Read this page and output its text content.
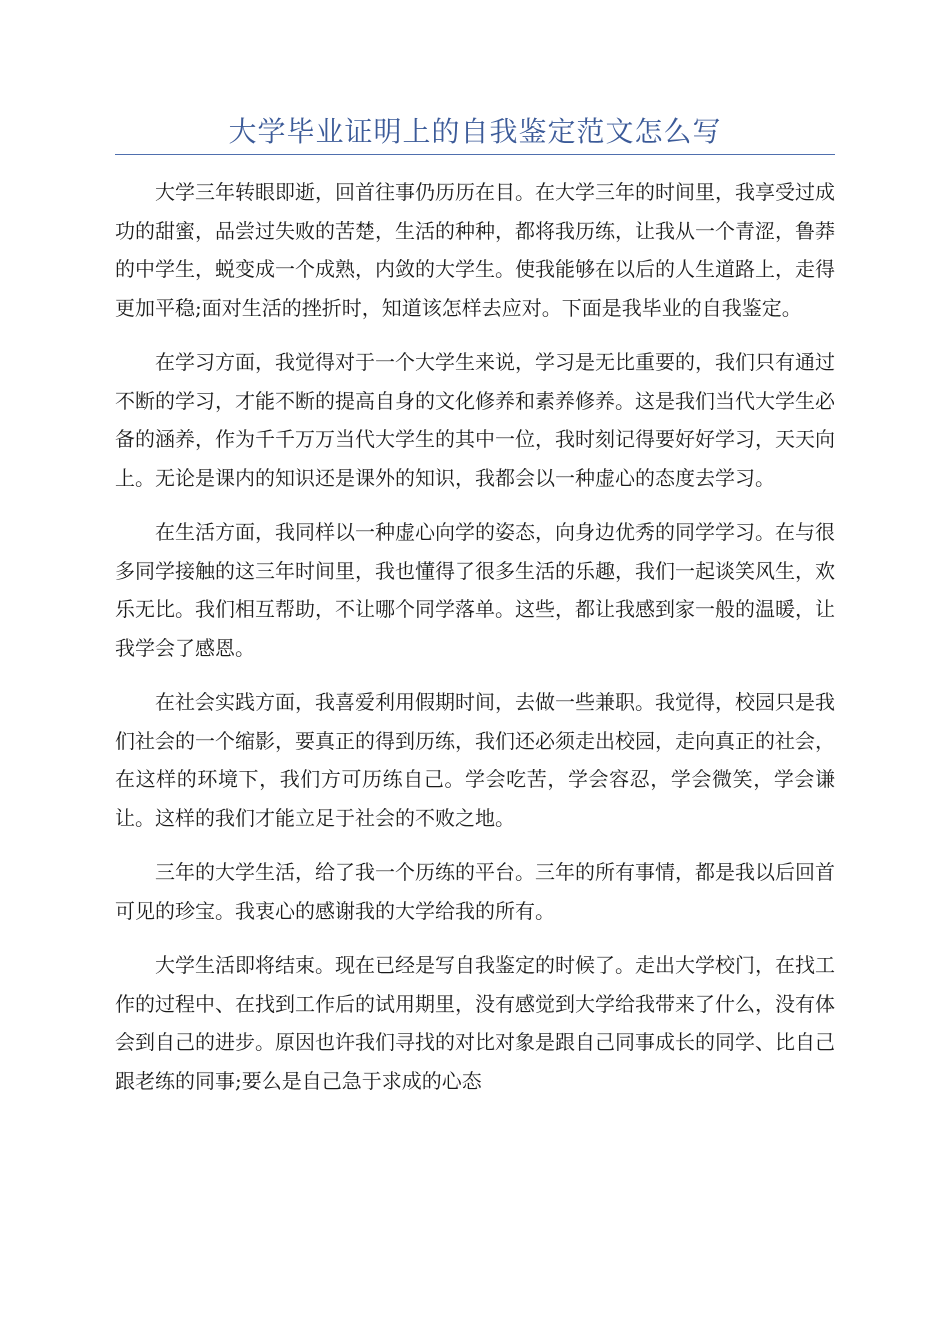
大学毕业证明上的自我鉴定范文怎么写

大学三年转眼即逝，回首往事仍历历在目。在大学三年的时间里，我享受过成功的甜蜜，品尝过失败的苦楚，生活的种种，都将我历练，让我从一个青涩，鲁莽的中学生，蜕变成一个成熟，内敛的大学生。使我能够在以后的人生道路上，走得更加平稳;面对生活的挫折时，知道该怎样去应对。下面是我毕业的自我鉴定。

在学习方面，我觉得对于一个大学生来说，学习是无比重要的，我们只有通过不断的学习，才能不断的提高自身的文化修养和素养修养。这是我们当代大学生必备的涵养，作为千千万万当代大学生的其中一位，我时刻记得要好好学习，天天向上。无论是课内的知识还是课外的知识，我都会以一种虚心的态度去学习。

在生活方面，我同样以一种虚心向学的姿态，向身边优秀的同学学习。在与很多同学接触的这三年时间里，我也懂得了很多生活的乐趣，我们一起谈笑风生，欢乐无比。我们相互帮助，不让哪个同学落单。这些，都让我感到家一般的温暖，让我学会了感恩。

在社会实践方面，我喜爱利用假期时间，去做一些兼职。我觉得，校园只是我们社会的一个缩影，要真正的得到历练，我们还必须走出校园，走向真正的社会，在这样的环境下，我们方可历练自己。学会吃苦，学会容忍，学会微笑，学会谦让。这样的我们才能立足于社会的不败之地。

三年的大学生活，给了我一个历练的平台。三年的所有事情，都是我以后回首可见的珍宝。我衷心的感谢我的大学给我的所有。

大学生活即将结束。现在已经是写自我鉴定的时候了。走出大学校门，在找工作的过程中、在找到工作后的试用期里，没有感觉到大学给我带来了什么，没有体会到自己的进步。原因也许我们寻找的对比对象是跟自己同事成长的同学、比自己跟老练的同事;要么是自己急于求成的心态
